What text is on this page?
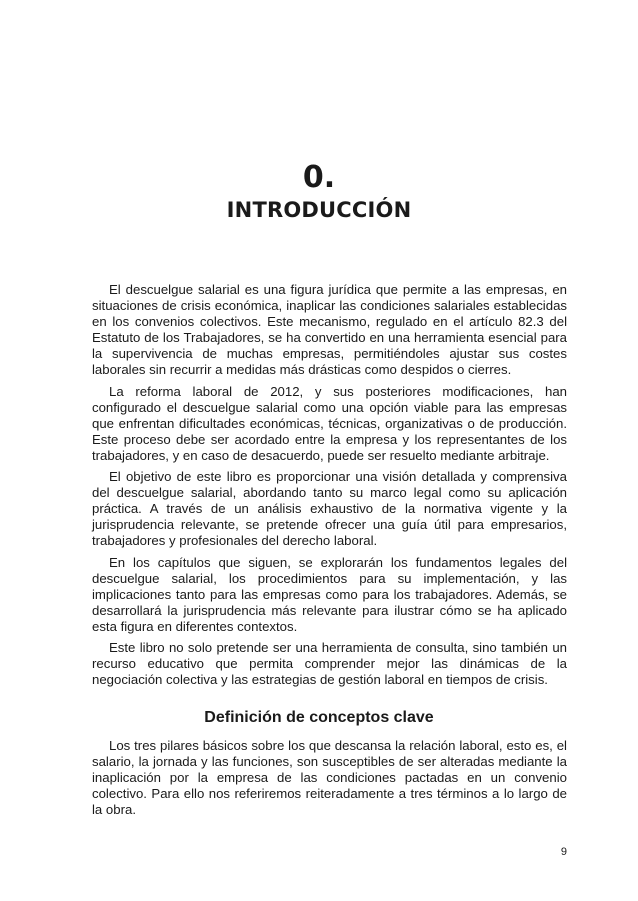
0.
INTRODUCCIÓN

El descuelgue salarial es una figura jurídica que permite a las empresas, en situaciones de crisis económica, inaplicar las condiciones salariales establecidas en los convenios colectivos. Este mecanismo, regulado en el artículo 82.3 del Estatuto de los Trabajadores, se ha convertido en una herramienta esencial para la supervivencia de muchas empresas, permitiéndoles ajustar sus costes laborales sin recurrir a medidas más drásticas como despidos o cierres.

La reforma laboral de 2012, y sus posteriores modificaciones, han configurado el descuelgue salarial como una opción viable para las empresas que enfrentan dificultades económicas, técnicas, organizativas o de producción. Este proceso debe ser acordado entre la empresa y los representantes de los trabajadores, y en caso de desacuerdo, puede ser resuelto mediante arbitraje.

El objetivo de este libro es proporcionar una visión detallada y comprensiva del descuelgue salarial, abordando tanto su marco legal como su aplicación práctica. A través de un análisis exhaustivo de la normativa vigente y la jurisprudencia relevante, se pretende ofrecer una guía útil para empresarios, trabajadores y profesionales del derecho laboral.

En los capítulos que siguen, se explorarán los fundamentos legales del descuelgue salarial, los procedimientos para su implementación, y las implicaciones tanto para las empresas como para los trabajadores. Además, se desarrollará la jurisprudencia más relevante para ilustrar cómo se ha aplicado esta figura en diferentes contextos.

Este libro no solo pretende ser una herramienta de consulta, sino también un recurso educativo que permita comprender mejor las dinámicas de la negociación colectiva y las estrategias de gestión laboral en tiempos de crisis.

Definición de conceptos clave

Los tres pilares básicos sobre los que descansa la relación laboral, esto es, el salario, la jornada y las funciones, son susceptibles de ser alteradas mediante la inaplicación por la empresa de las condiciones pactadas en un convenio colectivo. Para ello nos referiremos reiteradamente a tres términos a lo largo de la obra.

9
